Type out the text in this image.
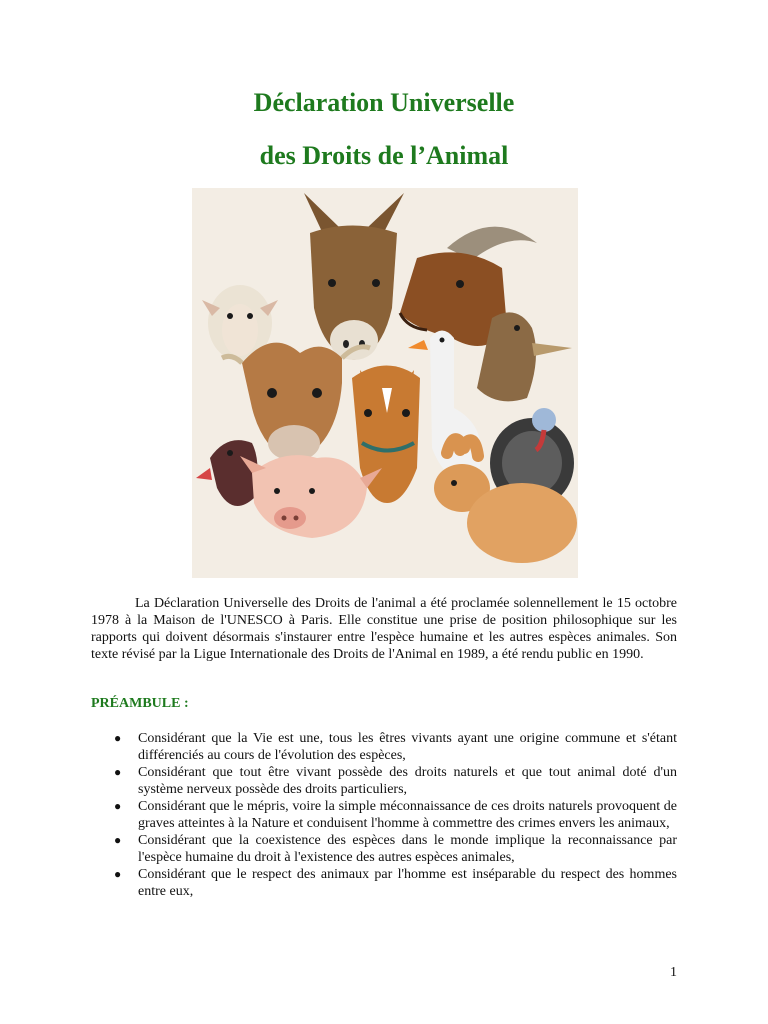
Déclaration Universelle
des Droits de l’Animal

La Déclaration Universelle des Droits de l'animal a été proclamée solennellement le 15 octobre 1978 à la Maison de l'UNESCO à Paris. Elle constitue une prise de position philosophique sur les rapports qui doivent désormais s'instaurer entre l'espèce humaine et les autres espèces animales. Son texte révisé par la Ligue Internationale des Droits de l'Animal en 1989, a été rendu public en 1990.

PRÉAMBULE :

● Considérant que la Vie est une, tous les êtres vivants ayant une origine commune et s'étant différenciés au cours de l'évolution des espèces,
● Considérant que tout être vivant possède des droits naturels et que tout animal doté d'un système nerveux possède des droits particuliers,
● Considérant que le mépris, voire la simple méconnaissance de ces droits naturels provoquent de graves atteintes à la Nature et conduisent l'homme à commettre des crimes envers les animaux,
● Considérant que la coexistence des espèces dans le monde implique la reconnaissance par l'espèce humaine du droit à l'existence des autres espèces animales,
● Considérant que le respect des animaux par l'homme est inséparable du respect des hommes entre eux,
1
